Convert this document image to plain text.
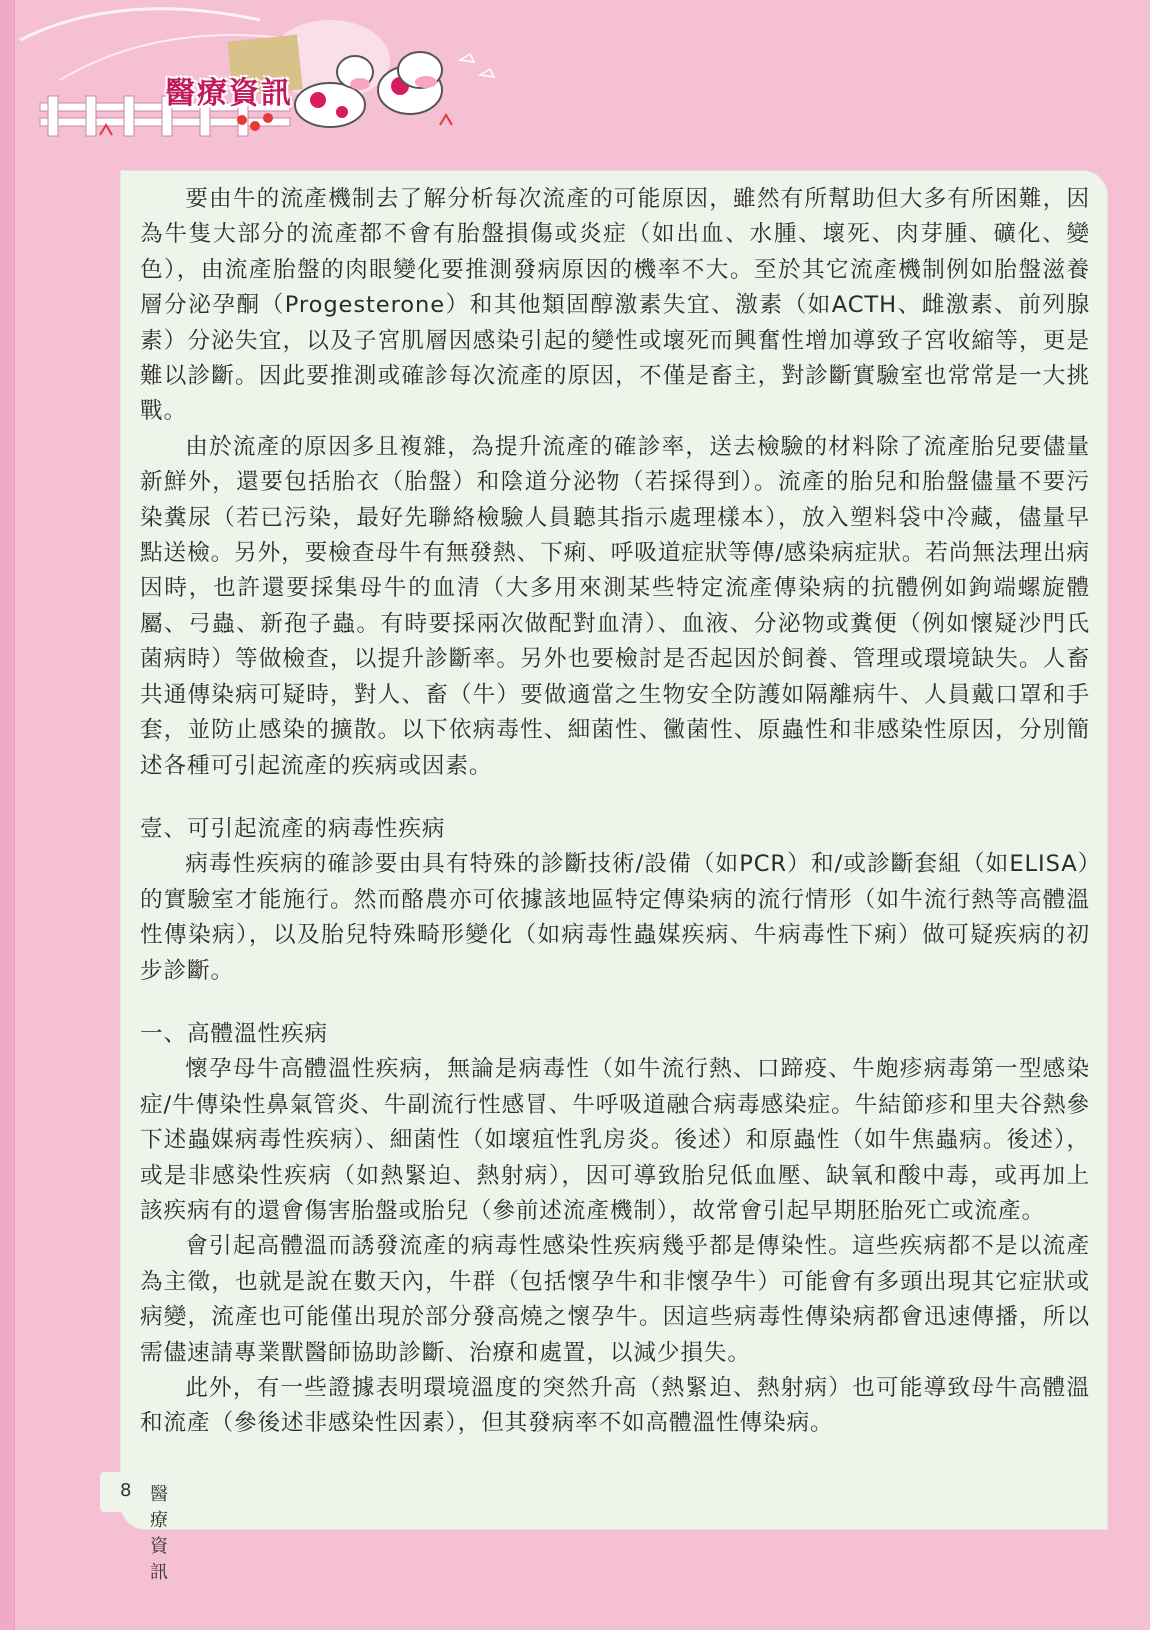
醫療資訊

要由牛的流產機制去了解分析每次流產的可能原因，雖然有所幫助但大多有所困難，因為牛隻大部分的流產都不會有胎盤損傷或炎症（如出血、水腫、壞死、肉芽腫、礦化、變色），由流產胎盤的肉眼變化要推測發病原因的機率不大。至於其它流產機制例如胎盤滋養層分泌孕酮（Progesterone）和其他類固醇激素失宜、激素（如ACTH、雌激素、前列腺素）分泌失宜，以及子宮肌層因感染引起的變性或壞死而興奮性增加導致子宮收縮等，更是難以診斷。因此要推測或確診每次流產的原因，不僅是畜主，對診斷實驗室也常常是一大挑戰。

由於流產的原因多且複雜，為提升流產的確診率，送去檢驗的材料除了流產胎兒要儘量新鮮外，還要包括胎衣（胎盤）和陰道分泌物（若採得到）。流產的胎兒和胎盤儘量不要污染糞尿（若已污染，最好先聯絡檢驗人員聽其指示處理樣本），放入塑料袋中冷藏，儘量早點送檢。另外，要檢查母牛有無發熱、下痢、呼吸道症狀等傳/感染病症狀。若尚無法理出病因時，也許還要採集母牛的血清（大多用來測某些特定流產傳染病的抗體例如鉤端螺旋體屬、弓蟲、新孢子蟲。有時要採兩次做配對血清）、血液、分泌物或糞便（例如懷疑沙門氏菌病時）等做檢查，以提升診斷率。另外也要檢討是否起因於飼養、管理或環境缺失。人畜共通傳染病可疑時，對人、畜（牛）要做適當之生物安全防護如隔離病牛、人員戴口罩和手套，並防止感染的擴散。以下依病毒性、細菌性、黴菌性、原蟲性和非感染性原因，分別簡述各種可引起流產的疾病或因素。

壹、可引起流產的病毒性疾病

病毒性疾病的確診要由具有特殊的診斷技術/設備（如PCR）和/或診斷套組（如ELISA）的實驗室才能施行。然而酪農亦可依據該地區特定傳染病的流行情形（如牛流行熱等高體溫性傳染病），以及胎兒特殊畸形變化（如病毒性蟲媒疾病、牛病毒性下痢）做可疑疾病的初步診斷。

一、高體溫性疾病

懷孕母牛高體溫性疾病，無論是病毒性（如牛流行熱、口蹄疫、牛皰疹病毒第一型感染症/牛傳染性鼻氣管炎、牛副流行性感冒、牛呼吸道融合病毒感染症。牛結節疹和里夫谷熱參下述蟲媒病毒性疾病）、細菌性（如壞疽性乳房炎。後述）和原蟲性（如牛焦蟲病。後述），或是非感染性疾病（如熱緊迫、熱射病），因可導致胎兒低血壓、缺氧和酸中毒，或再加上該疾病有的還會傷害胎盤或胎兒（參前述流產機制），故常會引起早期胚胎死亡或流產。

會引起高體溫而誘發流產的病毒性感染性疾病幾乎都是傳染性。這些疾病都不是以流產為主徵，也就是說在數天內，牛群（包括懷孕牛和非懷孕牛）可能會有多頭出現其它症狀或病變，流產也可能僅出現於部分發高燒之懷孕牛。因這些病毒性傳染病都會迅速傳播，所以需儘速請專業獸醫師協助診斷、治療和處置，以減少損失。

此外，有一些證據表明環境溫度的突然升高（熱緊迫、熱射病）也可能導致母牛高體溫和流產（參後述非感染性因素），但其發病率不如高體溫性傳染病。

8 醫療資訊
